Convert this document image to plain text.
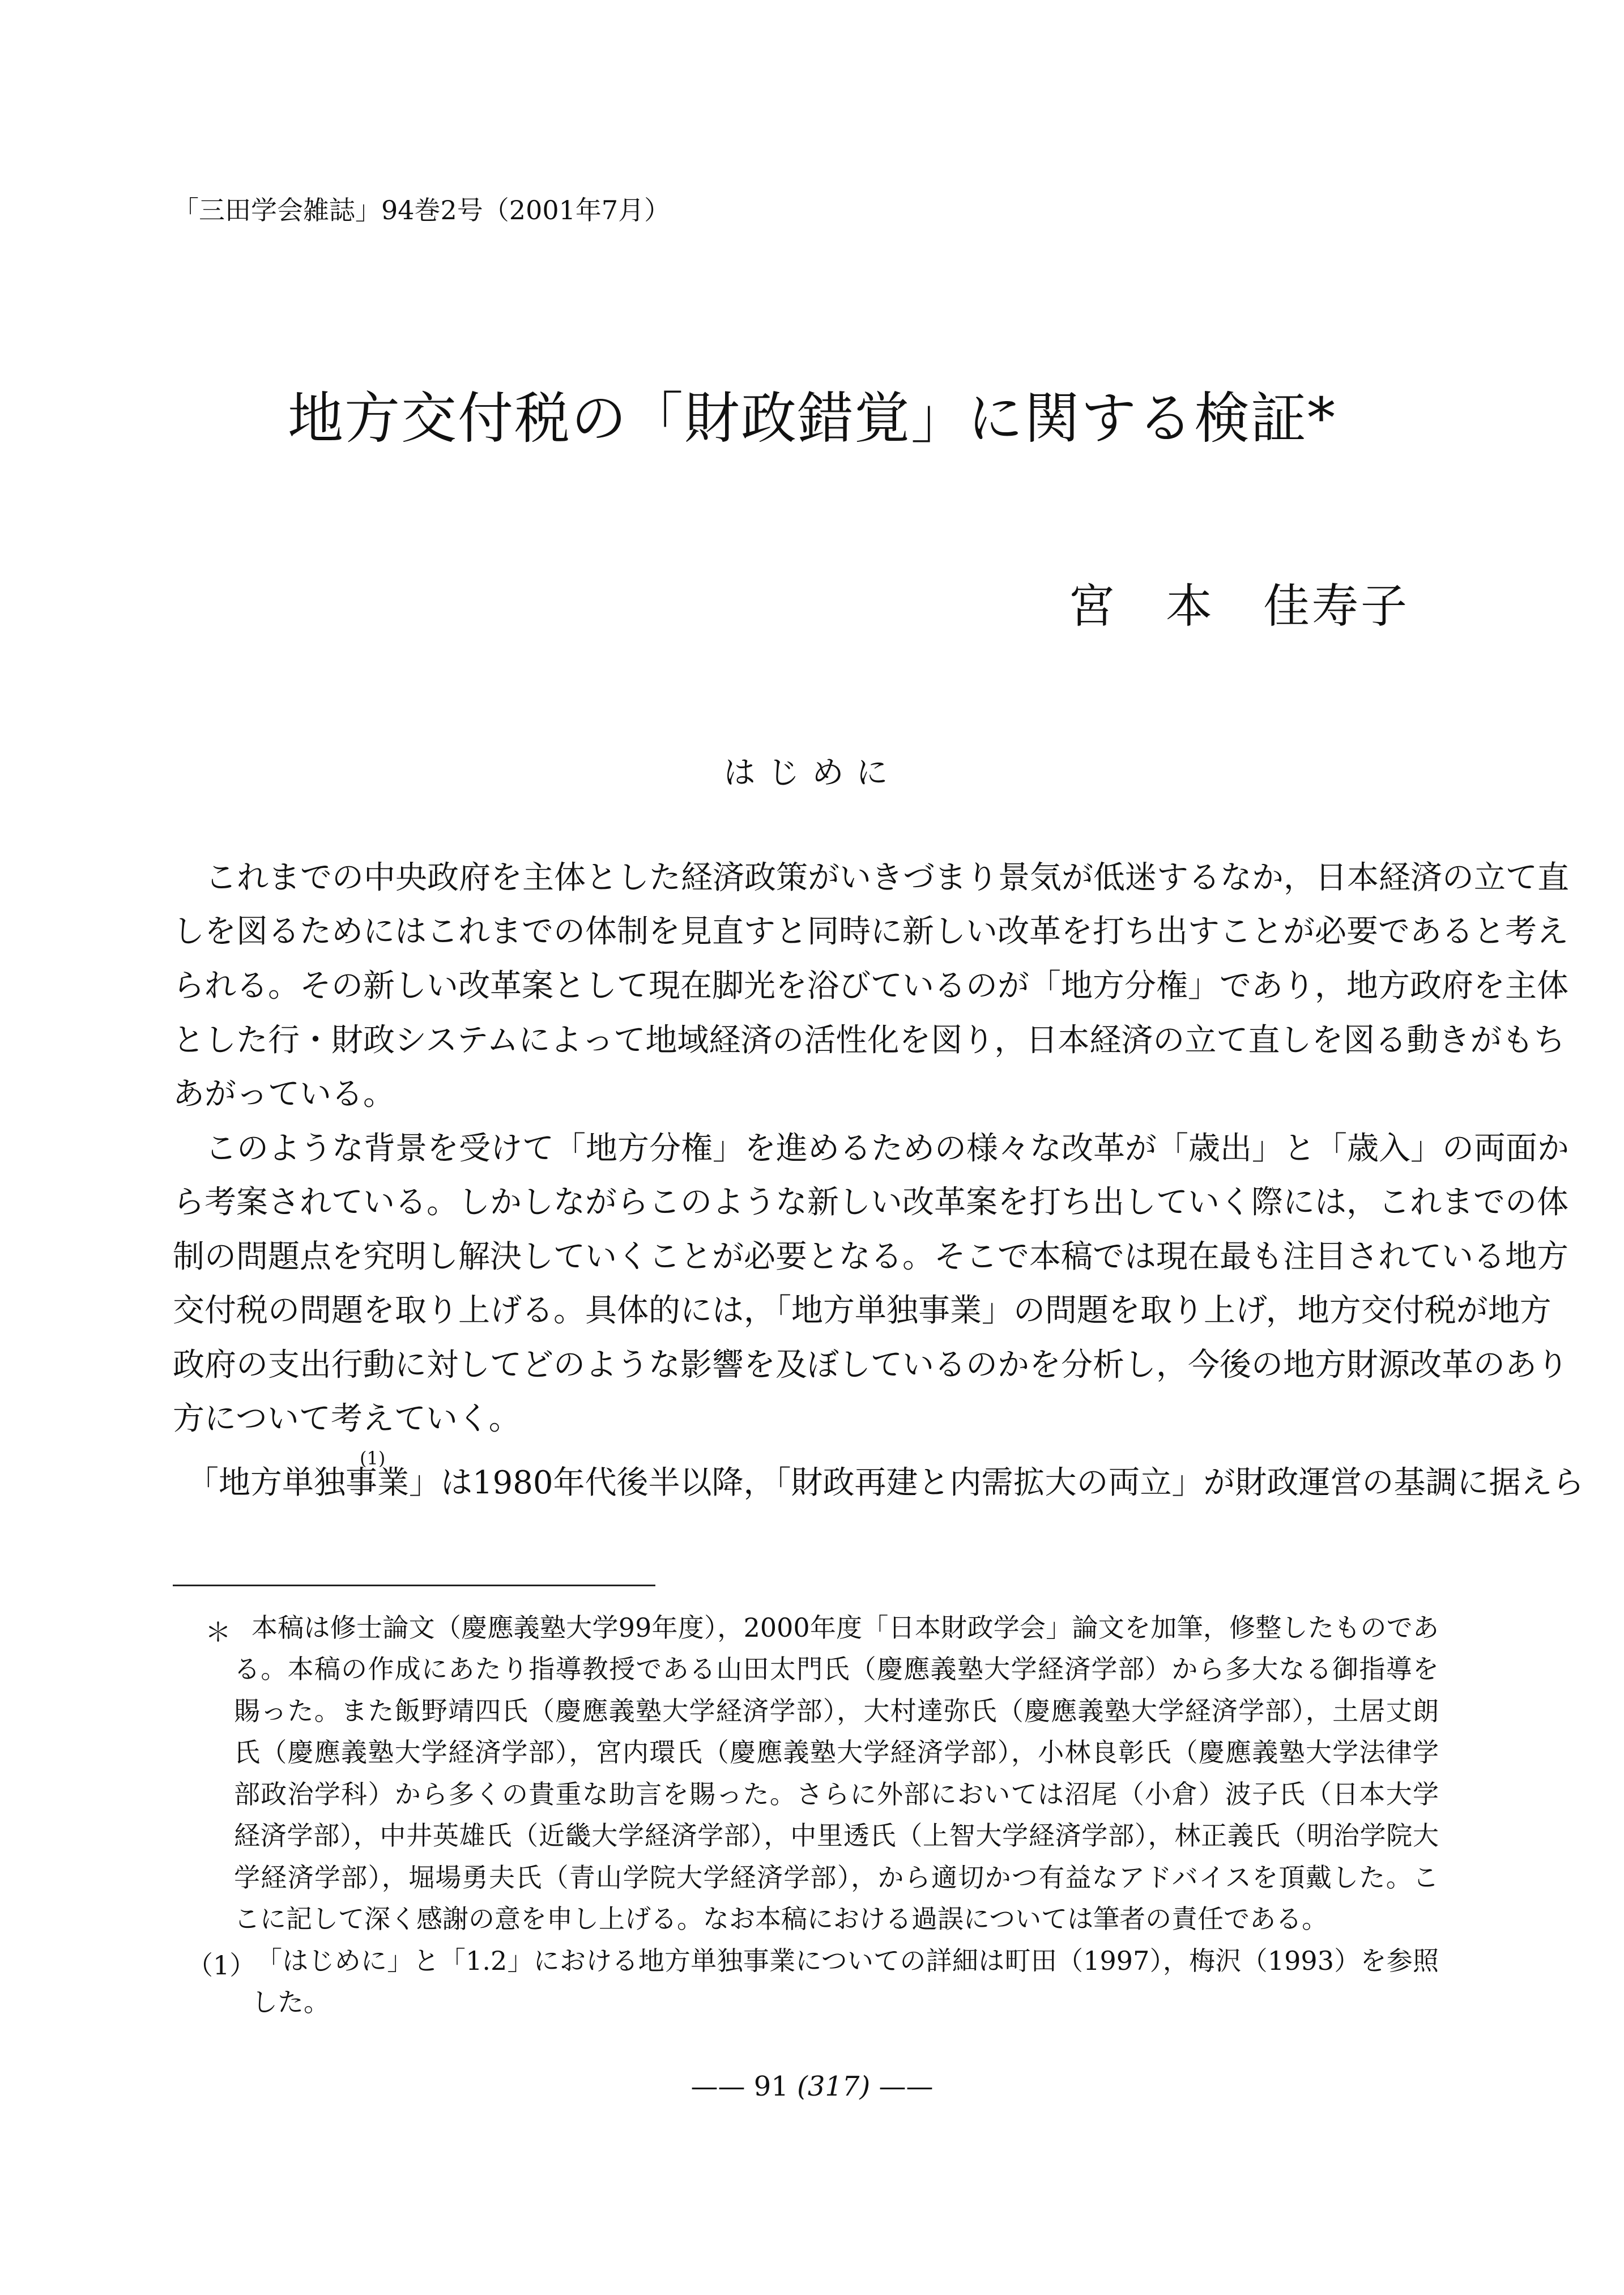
「三田学会雑誌」94巻2号（2001年7月）
地方交付税の「財政錯覚」に関する検証*
宮　本　佳寿子
はじめに
これまでの中央政府を主体とした経済政策がいきづまり景気が低迷するなか，日本経済の立て直
しを図るためにはこれまでの体制を見直すと同時に新しい改革を打ち出すことが必要であると考え
られる。その新しい改革案として現在脚光を浴びているのが「地方分権」であり，地方政府を主体
とした行・財政システムによって地域経済の活性化を図り，日本経済の立て直しを図る動きがもち
あがっている。
このような背景を受けて「地方分権」を進めるための様々な改革が「歳出」と「歳入」の両面か
ら考案されている。しかしながらこのような新しい改革案を打ち出していく際には，これまでの体
制の問題点を究明し解決していくことが必要となる。そこで本稿では現在最も注目されている地方
交付税の問題を取り上げる。具体的には，「地方単独事業」の問題を取り上げ，地方交付税が地方
政府の支出行動に対してどのような影響を及ぼしているのかを分析し，今後の地方財源改革のあり
方について考えていく。
(1)
「地方単独事業」は1980年代後半以降，「財政再建と内需拡大の両立」が財政運営の基調に据えら
＊ 本稿は修士論文（慶應義塾大学99年度），2000年度「日本財政学会」論文を加筆，修整したものであ
る。本稿の作成にあたり指導教授である山田太門氏（慶應義塾大学経済学部）から多大なる御指導を
賜った。また飯野靖四氏（慶應義塾大学経済学部），大村達弥氏（慶應義塾大学経済学部），土居丈朗
氏（慶應義塾大学経済学部），宮内環氏（慶應義塾大学経済学部），小林良彰氏（慶應義塾大学法律学
部政治学科）から多くの貴重な助言を賜った。さらに外部においては沼尾（小倉）波子氏（日本大学
経済学部），中井英雄氏（近畿大学経済学部），中里透氏（上智大学経済学部），林正義氏（明治学院大
学経済学部），堀場勇夫氏（青山学院大学経済学部），から適切かつ有益なアドバイスを頂戴した。こ
こに記して深く感謝の意を申し上げる。なお本稿における過誤については筆者の責任である。
（1） 「はじめに」と「1.2」における地方単独事業についての詳細は町田（1997），梅沢（1993）を参照
した。
—— 91 (317) ——
